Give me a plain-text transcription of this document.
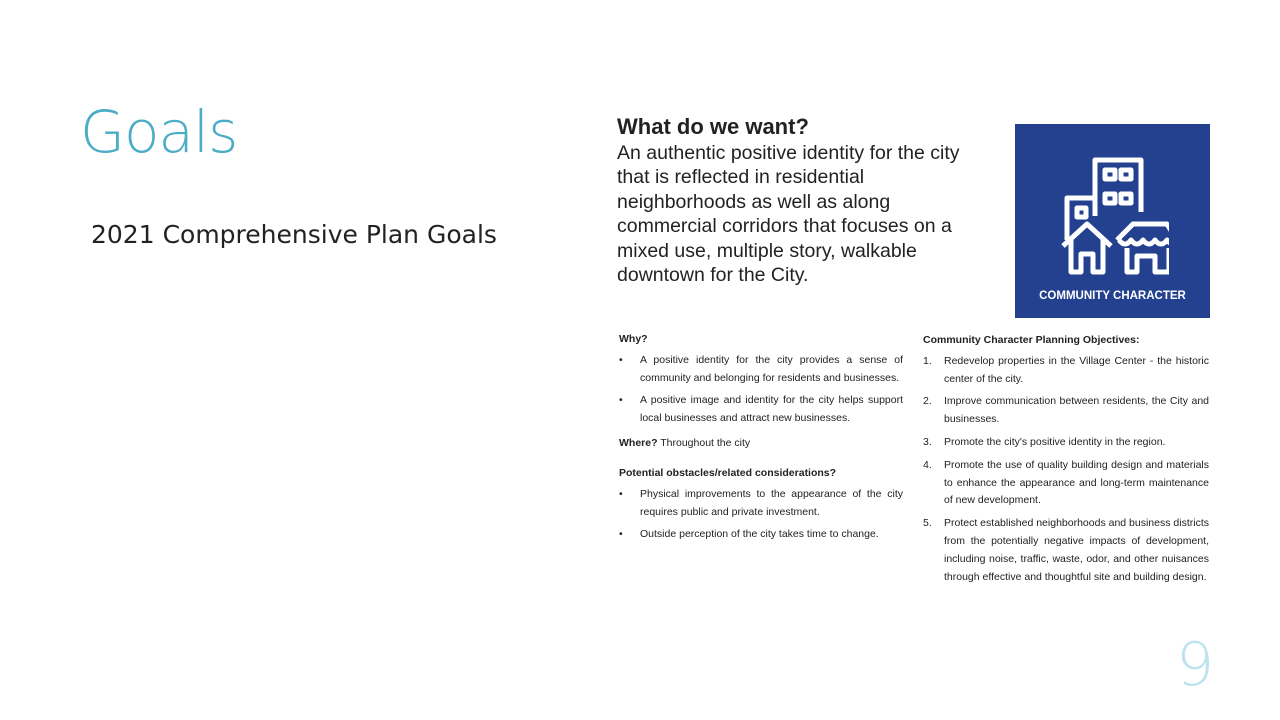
Goals
2021 Comprehensive Plan Goals
What do we want?
An authentic positive identity for the city that is reflected in residential neighborhoods as well as along commercial corridors that focuses on a mixed use, multiple story, walkable downtown for the City.
COMMUNITY CHARACTER

Why?

• A positive identity for the city provides a sense of community and belonging for residents and businesses.
• A positive image and identity for the city helps support local businesses and attract new businesses.

Where? Throughout the city

Potential obstacles/related considerations?

• Physical improvements to the appearance of the city requires public and private investment.
• Outside perception of the city takes time to change.

Community Character Planning Objectives:

1. Redevelop properties in the Village Center - the historic center of the city.
2. Improve communication between residents, the City and businesses.
3. Promote the city's positive identity in the region.
4. Promote the use of quality building design and materials to enhance the appearance and long-term maintenance of new development.
5. Protect established neighborhoods and business districts from the potentially negative impacts of development, including noise, traffic, waste, odor, and other nuisances through effective and thoughtful site and building design.
9
